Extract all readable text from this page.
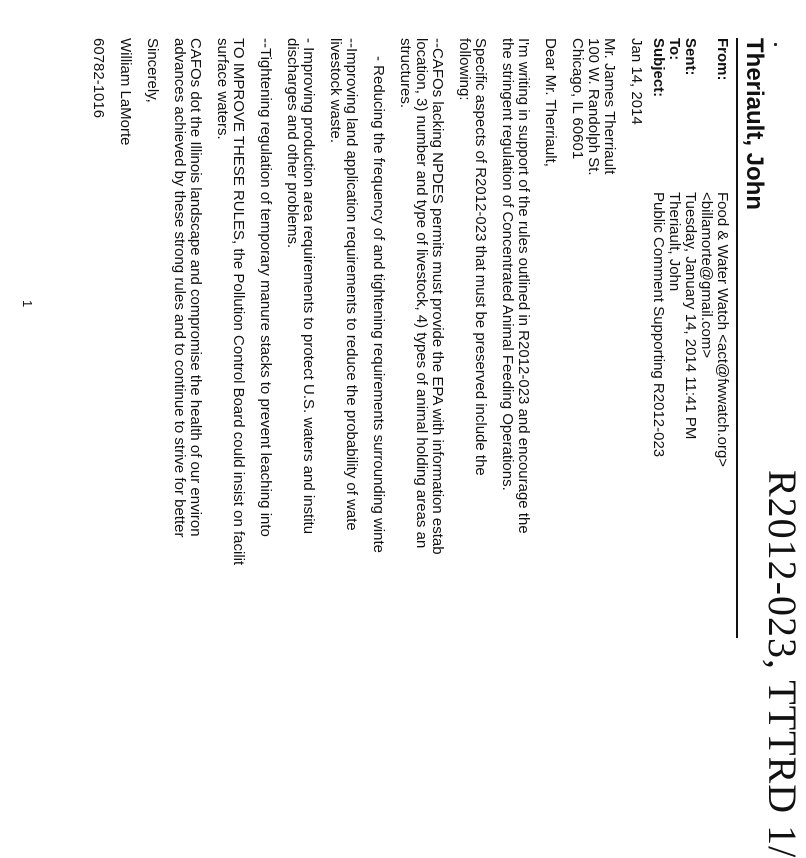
R2012-023, TTTRD 1/
Theriault, John
From:
Sent:
To:
Subject:
Food & Water Watch <act@fwwatch.org>
<billamorte@gmail.com>
Tuesday, January 14, 2014 11:41 PM
Theriault, John
Public Comment Supporting R2012-023

Jan 14, 2014

Mr. James Therriault
100 W. Randolph St.
Chicago, IL 60601

Dear Mr. Therriault,

I'm writing in support of the rules outlined in R2012-023 and encourage the
the stringent regulation of Concentrated Animal Feeding Operations.

Specific aspects of R2012-023 that must be preserved include the
following:

--CAFOs lacking NPDES permits must provide the EPA with information estab
location, 3) number and type of livestock, 4) types of animal holding areas an
structures.

- Reducing the frequency of and tightening requirements surrounding winte

--Improving land application requirements to reduce the probability of wate
livestock waste.

- Improving production area requirements to protect U.S. waters and institu
discharges and other problems.

--Tightening regulation of temporary manure stacks to prevent leaching into

TO IMPROVE THESE RULES, the Pollution Control Board could insist on facilit
surface waters.

CAFOs dot the Illinois landscape and compromise the health of our environ
advances achieved by these strong rules and to continue to strive for better

Sincerely,

William LaMorte

60782-1016

1
